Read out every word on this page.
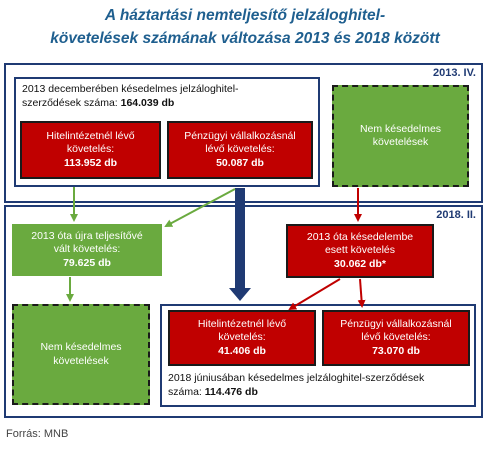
A háztartási nemteljesítő jelzáloghitel-
követelések számának változása 2013 és 2018 között
2013. IV.
2013 decemberében késedelmes jelzáloghitel-
szerződések száma: 164.039 db
Hitelintézetnél lévő
követelés:
113.952 db
Pénzügyi vállalkozásnál
lévő követelés:
50.087 db
Nem késedelmes
követelések
2018. II.
2013 óta újra teljesítővé
vált követelés:
79.625 db
2013 óta késedelembe
esett követelés
30.062 db*
Nem késedelmes
követelések
Hitelintézetnél lévő
követelés:
41.406 db
Pénzügyi vállalkozásnál
lévő követelés:
73.070 db
2018 júniusában késedelmes jelzáloghitel-szerződések
száma: 114.476 db
Forrás: MNB
